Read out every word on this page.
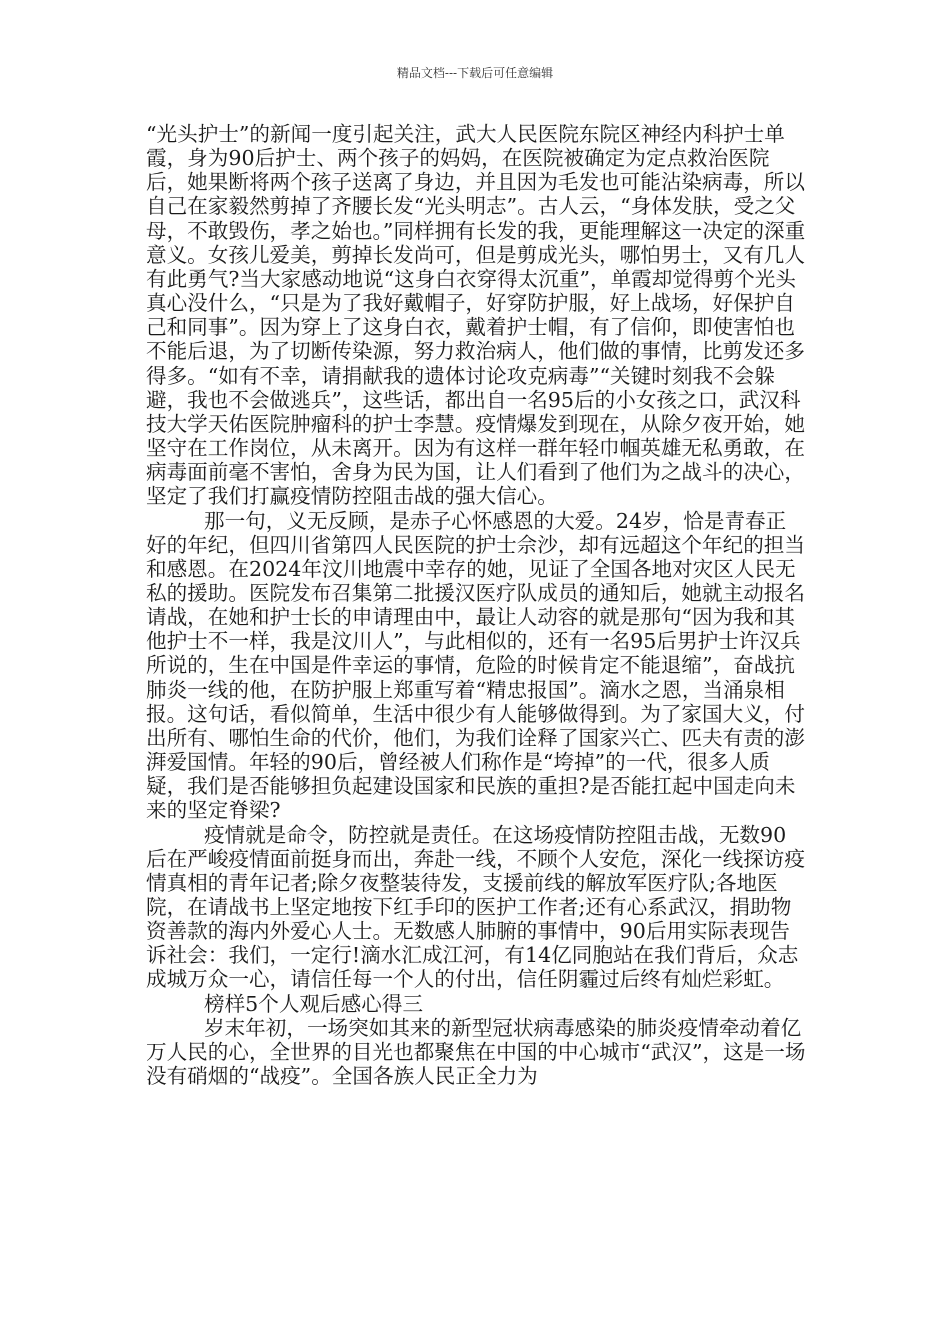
精品文档---下载后可任意编辑

“光头护士”的新闻一度引起关注，武大人民医院东院区神经内科护士单霞，身为90后护士、两个孩子的妈妈，在医院被确定为定点救治医院后，她果断将两个孩子送离了身边，并且因为毛发也可能沾染病毒，所以自己在家毅然剪掉了齐腰长发“光头明志”。古人云，“身体发肤，受之父母，不敢毁伤，孝之始也。”同样拥有长发的我，更能理解这一决定的深重意义。女孩儿爱美，剪掉长发尚可，但是剪成光头，哪怕男士，又有几人有此勇气?当大家感动地说“这身白衣穿得太沉重”，单霞却觉得剪个光头真心没什么，“只是为了我好戴帽子，好穿防护服，好上战场，好保护自己和同事”。因为穿上了这身白衣，戴着护士帽，有了信仰，即使害怕也不能后退，为了切断传染源，努力救治病人，他们做的事情，比剪发还多得多。“如有不幸，请捐献我的遗体讨论攻克病毒”“关键时刻我不会躲避，我也不会做逃兵”，这些话，都出自一名95后的小女孩之口，武汉科技大学天佑医院肿瘤科的护士李慧。疫情爆发到现在，从除夕夜开始，她坚守在工作岗位，从未离开。因为有这样一群年轻巾帼英雄无私勇敢，在病毒面前毫不害怕，舍身为民为国，让人们看到了他们为之战斗的决心，坚定了我们打赢疫情防控阻击战的强大信心。

那一句，义无反顾，是赤子心怀感恩的大爱。24岁，恰是青春正好的年纪，但四川省第四人民医院的护士佘沙，却有远超这个年纪的担当和感恩。在2024年汶川地震中幸存的她，见证了全国各地对灾区人民无私的援助。医院发布召集第二批援汉医疗队成员的通知后，她就主动报名请战，在她和护士长的申请理由中，最让人动容的就是那句“因为我和其他护士不一样，我是汶川人”，与此相似的，还有一名95后男护士许汉兵所说的，生在中国是件幸运的事情，危险的时候肯定不能退缩”，奋战抗肺炎一线的他，在防护服上郑重写着“精忠报国”。滴水之恩，当涌泉相报。这句话，看似简单，生活中很少有人能够做得到。为了家国大义，付出所有、哪怕生命的代价，他们，为我们诠释了国家兴亡、匹夫有责的澎湃爱国情。年轻的90后，曾经被人们称作是“垮掉”的一代，很多人质疑，我们是否能够担负起建设国家和民族的重担?是否能扛起中国走向未来的坚定脊梁?

疫情就是命令，防控就是责任。在这场疫情防控阻击战，无数90后在严峻疫情面前挺身而出，奔赴一线，不顾个人安危，深化一线探访疫情真相的青年记者;除夕夜整装待发，支援前线的解放军医疗队;各地医院，在请战书上坚定地按下红手印的医护工作者;还有心系武汉，捐助物资善款的海内外爱心人士。无数感人肺腑的事情中，90后用实际表现告诉社会：我们，一定行!滴水汇成江河，有14亿同胞站在我们背后，众志成城万众一心，请信任每一个人的付出，信任阴霾过后终有灿烂彩虹。

榜样5个人观后感心得三

岁末年初，一场突如其来的新型冠状病毒感染的肺炎疫情牵动着亿万人民的心，全世界的目光也都聚焦在中国的中心城市“武汉”，这是一场没有硝烟的“战疫”。全国各族人民正全力为
